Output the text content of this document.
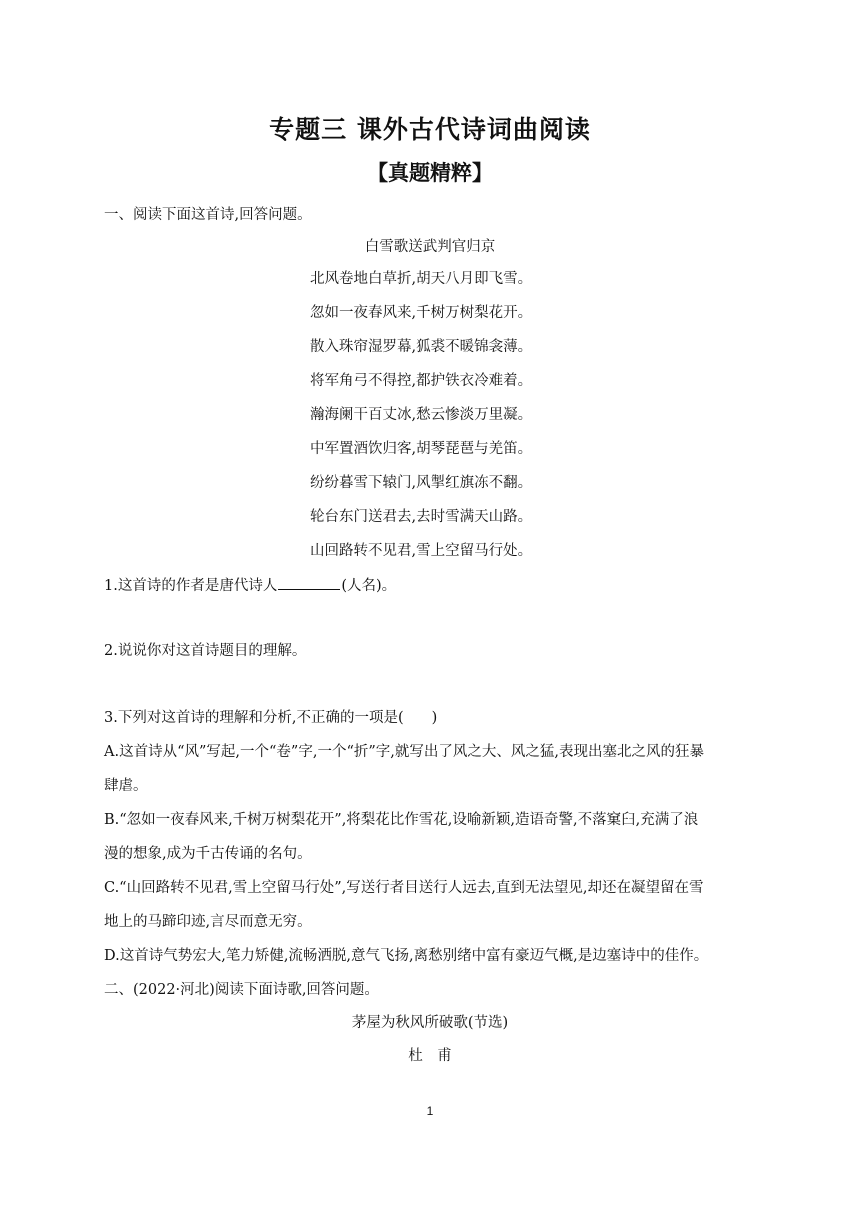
专题三 课外古代诗词曲阅读
【真题精粹】
一、阅读下面这首诗,回答问题。
白雪歌送武判官归京
北风卷地白草折,胡天八月即飞雪。
忽如一夜春风来,千树万树梨花开。
散入珠帘湿罗幕,狐裘不暖锦衾薄。
将军角弓不得控,都护铁衣冷难着。
瀚海阑干百丈冰,愁云惨淡万里凝。
中军置酒饮归客,胡琴琵琶与羌笛。
纷纷暮雪下辕门,风掣红旗冻不翻。
轮台东门送君去,去时雪满天山路。
山回路转不见君,雪上空留马行处。
1.这首诗的作者是唐代诗人	(人名)。
2.说说你对这首诗题目的理解。
3.下列对这首诗的理解和分析,不正确的一项是( )
A.这首诗从“风”写起,一个“卷”字,一个“折”字,就写出了风之大、风之猛,表现出塞北之风的狂暴
肆虐。
B.“忽如一夜春风来,千树万树梨花开”,将梨花比作雪花,设喻新颖,造语奇警,不落窠臼,充满了浪
漫的想象,成为千古传诵的名句。
C.“山回路转不见君,雪上空留马行处”,写送行者目送行人远去,直到无法望见,却还在凝望留在雪
地上的马蹄印迹,言尽而意无穷。
D.这首诗气势宏大,笔力矫健,流畅洒脱,意气飞扬,离愁别绪中富有豪迈气概,是边塞诗中的佳作。
二、(2022·河北)阅读下面诗歌,回答问题。
茅屋为秋风所破歌(节选)
杜　甫
1
